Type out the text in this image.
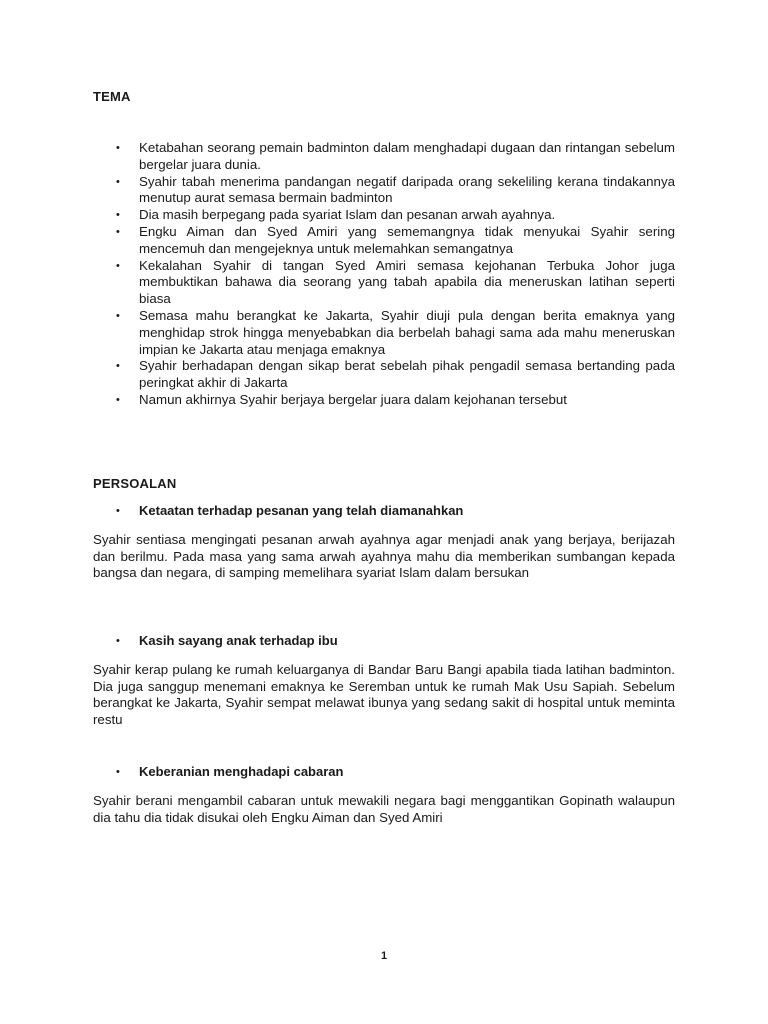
TEMA
• Ketabahan seorang pemain badminton dalam menghadapi dugaan dan rintangan sebelum bergelar juara dunia.
• Syahir tabah menerima pandangan negatif daripada orang sekeliling kerana tindakannya menutup aurat semasa bermain badminton
• Dia masih berpegang pada syariat Islam dan pesanan arwah ayahnya.
• Engku Aiman dan Syed Amiri yang sememangnya tidak menyukai Syahir sering mencemuh dan mengejeknya untuk melemahkan semangatnya
• Kekalahan Syahir di tangan Syed Amiri semasa kejohanan Terbuka Johor juga membuktikan bahawa dia seorang yang tabah apabila dia meneruskan latihan seperti biasa
• Semasa mahu berangkat ke Jakarta, Syahir diuji pula dengan berita emaknya yang menghidap strok hingga menyebabkan dia berbelah bahagi sama ada mahu meneruskan impian ke Jakarta atau menjaga emaknya
• Syahir berhadapan dengan sikap berat sebelah pihak pengadil semasa bertanding pada peringkat akhir di Jakarta
• Namun akhirnya Syahir berjaya bergelar juara dalam kejohanan tersebut
PERSOALAN
• Ketaatan terhadap pesanan yang telah diamanahkan
Syahir sentiasa mengingati pesanan arwah ayahnya agar menjadi anak yang berjaya, berijazah dan berilmu. Pada masa yang sama arwah ayahnya mahu dia memberikan sumbangan kepada bangsa dan negara, di samping memelihara syariat Islam dalam bersukan
• Kasih sayang anak terhadap ibu
Syahir kerap pulang ke rumah keluarganya di Bandar Baru Bangi apabila tiada latihan badminton. Dia juga sanggup menemani emaknya ke Seremban untuk ke rumah Mak Usu Sapiah. Sebelum berangkat ke Jakarta, Syahir sempat melawat ibunya yang sedang sakit di hospital untuk meminta restu
• Keberanian menghadapi cabaran
Syahir berani mengambil cabaran untuk mewakili negara bagi menggantikan Gopinath walaupun dia tahu dia tidak disukai oleh Engku Aiman dan Syed Amiri
1
